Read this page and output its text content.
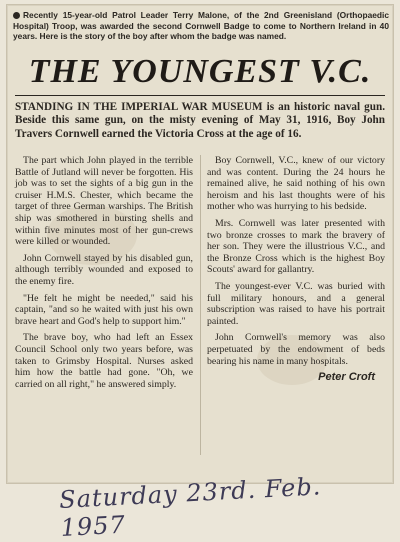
Recently 15-year-old Patrol Leader Terry Malone, of the 2nd Greenisland (Orthopaedic Hospital) Troop, was awarded the second Cornwell Badge to come to Northern Ireland in 40 years. Here is the story of the boy after whom the badge was named.
THE YOUNGEST V.C.
STANDING IN THE IMPERIAL WAR MUSEUM is an historic naval gun. Beside this same gun, on the misty evening of May 31, 1916, Boy John Travers Cornwell earned the Victoria Cross at the age of 16.

The part which John played in the terrible Battle of Jutland will never be forgotten. His job was to set the sights of a big gun in the cruiser H.M.S. Chester, which became the target of three German warships. The British ship was smothered in bursting shells and within five minutes most of her gun-crews were killed or wounded.

John Cornwell stayed by his disabled gun, although terribly wounded and exposed to the enemy fire.

"He felt he might be needed," said his captain, "and so he waited with just his own brave heart and God's help to support him."

The brave boy, who had left an Essex Council School only two years before, was taken to Grimsby Hospital. Nurses asked him how the battle had gone. "Oh, we carried on all right," he answered simply.

Boy Cornwell, V.C., knew of our victory and was content. During the 24 hours he remained alive, he said nothing of his own heroism and his last thoughts were of his mother who was hurrying to his bedside.

Mrs. Cornwell was later presented with two bronze crosses to mark the bravery of her son. They were the illustrious V.C., and the Bronze Cross which is the highest Boy Scouts' award for gallantry.

The youngest-ever V.C. was buried with full military honours, and a general subscription was raised to have his portrait painted.

John Cornwell's memory was also perpetuated by the endowment of beds bearing his name in many hospitals.

Peter Croft
Saturday 23rd. Feb. 1957
